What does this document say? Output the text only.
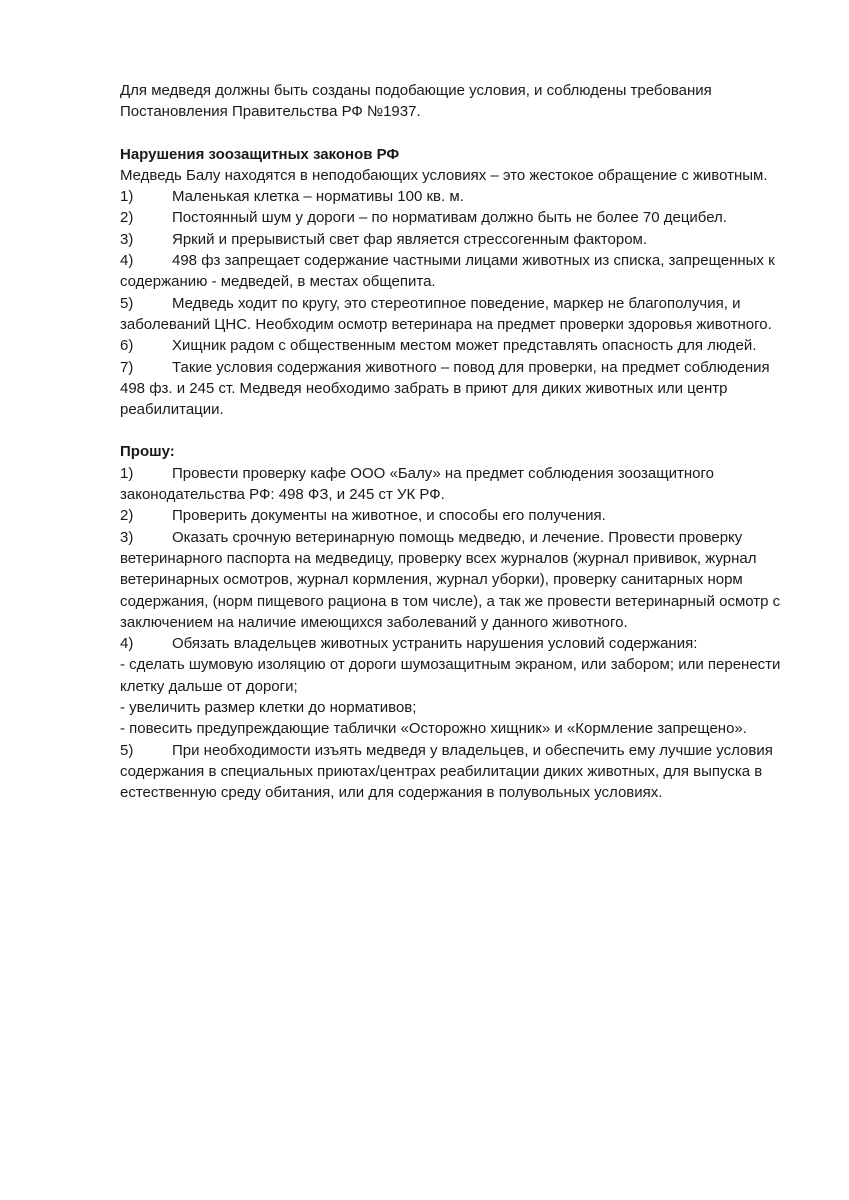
Для медведя должны быть созданы подобающие условия, и соблюдены требования Постановления Правительства РФ №1937.

Нарушения зоозащитных законов РФ

Медведь Балу находятся в неподобающих условиях – это жестокое обращение с животным.

1)	Маленькая клетка – нормативы 100 кв. м.

2)	Постоянный шум у дороги – по нормативам должно быть не более 70 децибел.

3)	Яркий и прерывистый свет фар является стрессогенным фактором.

4)	498 фз запрещает содержание частными лицами животных из списка, запрещенных к содержанию - медведей, в местах общепита.

5)	Медведь ходит по кругу, это стереотипное поведение, маркер не благополучия, и заболеваний ЦНС. Необходим осмотр ветеринара на предмет проверки здоровья животного.

6)	Хищник радом с общественным местом может представлять опасность для людей.

7)	Такие условия содержания животного – повод для проверки, на предмет соблюдения 498 фз. и 245 ст. Медведя необходимо забрать в приют для диких животных или центр реабилитации.

Прошу:

1)	Провести проверку кафе ООО «Балу» на предмет соблюдения зоозащитного законодательства РФ: 498 ФЗ, и 245 ст УК РФ.

2)	Проверить документы на животное, и способы его получения.

3)	Оказать срочную ветеринарную помощь медведю, и лечение. Провести проверку ветеринарного паспорта на медведицу, проверку всех журналов (журнал прививок, журнал ветеринарных осмотров, журнал кормления, журнал уборки), проверку санитарных норм содержания, (норм пищевого рациона в том числе), а так же провести ветеринарный осмотр с заключением на наличие имеющихся заболеваний у данного животного.

4)	Обязать владельцев животных устранить нарушения условий содержания:

- сделать шумовую изоляцию от дороги шумозащитным экраном, или забором; или перенести клетку дальше от дороги;

- увеличить размер клетки до нормативов;

- повесить предупреждающие таблички «Осторожно хищник» и «Кормление запрещено».

5)	При необходимости изъять медведя у владельцев, и обеспечить ему лучшие условия содержания в специальных приютах/центрах реабилитации диких животных, для выпуска в естественную среду обитания, или для содержания в полувольных условиях.
